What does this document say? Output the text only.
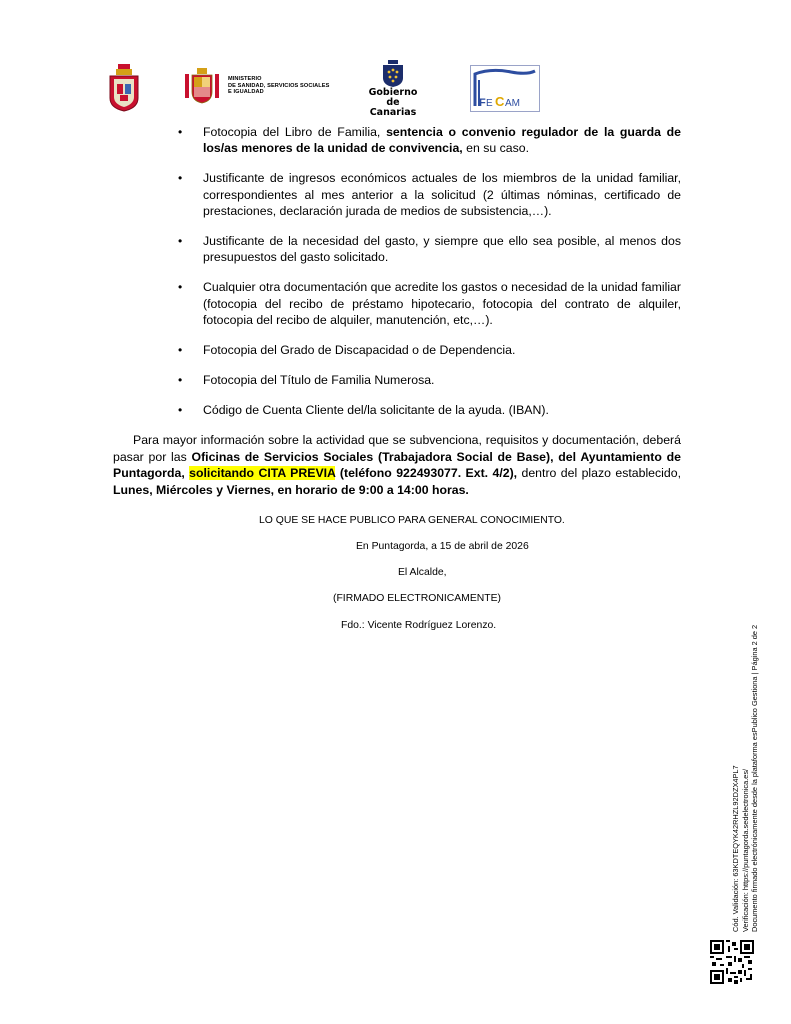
MINISTERIO
DE SANIDAD, SERVICIOS SOCIALES
E IGUALDAD	Gobierno
de Canarias
F E C AM
• Fotocopia del Libro de Familia, sentencia o convenio regulador de la guarda de los/as menores de la unidad de convivencia, en su caso.
• Justificante de ingresos económicos actuales de los miembros de la unidad familiar, correspondientes al mes anterior a la solicitud (2 últimas nóminas, certificado de prestaciones, declaración jurada de medios de subsistencia,…).
• Justificante de la necesidad del gasto, y siempre que ello sea posible, al menos dos presupuestos del gasto solicitado.
• Cualquier otra documentación que acredite los gastos o necesidad de la unidad familiar (fotocopia del recibo de préstamo hipotecario, fotocopia del contrato de alquiler, fotocopia del recibo de alquiler, manutención, etc,…).
• Fotocopia del Grado de Discapacidad o de Dependencia.
• Fotocopia del Título de Familia Numerosa.
• Código de Cuenta Cliente del/la solicitante de la ayuda. (IBAN).

Para mayor información sobre la actividad que se subvenciona, requisitos y documentación, deberá pasar por las Oficinas de Servicios Sociales (Trabajadora Social de Base), del Ayuntamiento de Puntagorda, solicitando CITA PREVIA (teléfono 922493077. Ext. 4/2), dentro del plazo establecido, Lunes, Miércoles y Viernes, en horario de 9:00 a 14:00 horas.

LO QUE SE HACE PUBLICO PARA GENERAL CONOCIMIENTO.
En Puntagorda, a 15 de abril de 2026
El Alcalde,
(FIRMADO ELECTRONICAMENTE)
Fdo.: Vicente Rodríguez Lorenzo.
Cód. Validación: 63KDTEQYK42RHZL92DZX4PL7 Verificación: https://puntagorda.sedelectronica.es/ Documento firmado electrónicamente desde la plataforma esPublico Gestiona | Página 2 de 2
